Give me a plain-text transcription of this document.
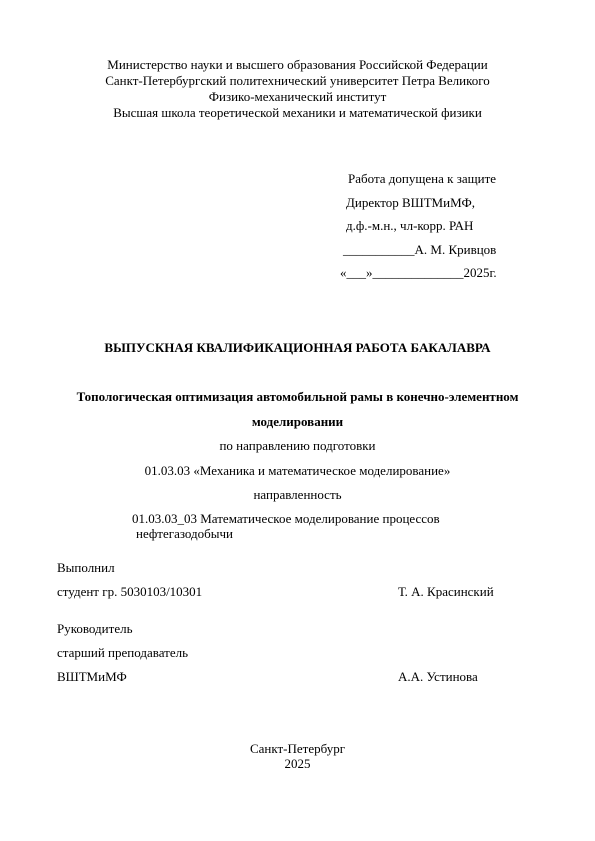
Министерство науки и высшего образования Российской Федерации
Санкт-Петербургский политехнический университет Петра Великого
Физико-механический институт
Высшая школа теоретической механики и математической физики
Работа допущена к защите
Директор ВШТМиМФ,
д.ф.-м.н., чл-корр. РАН
___________А. М. Кривцов
«___»______________2025г.
ВЫПУСКНАЯ КВАЛИФИКАЦИОННАЯ РАБОТА БАКАЛАВРА
Топологическая оптимизация автомобильной рамы в конечно-элементном
моделировании
по направлению подготовки
01.03.03 «Механика и математическое моделирование»
направленность
01.03.03_03 Математическое моделирование процессов
нефтегазодобычи
Выполнил
студент гр. 5030103/10301	Т. А. Красинский
Руководитель
старший преподаватель
ВШТМиМФ	А.А. Устинова
Санкт-Петербург
2025
